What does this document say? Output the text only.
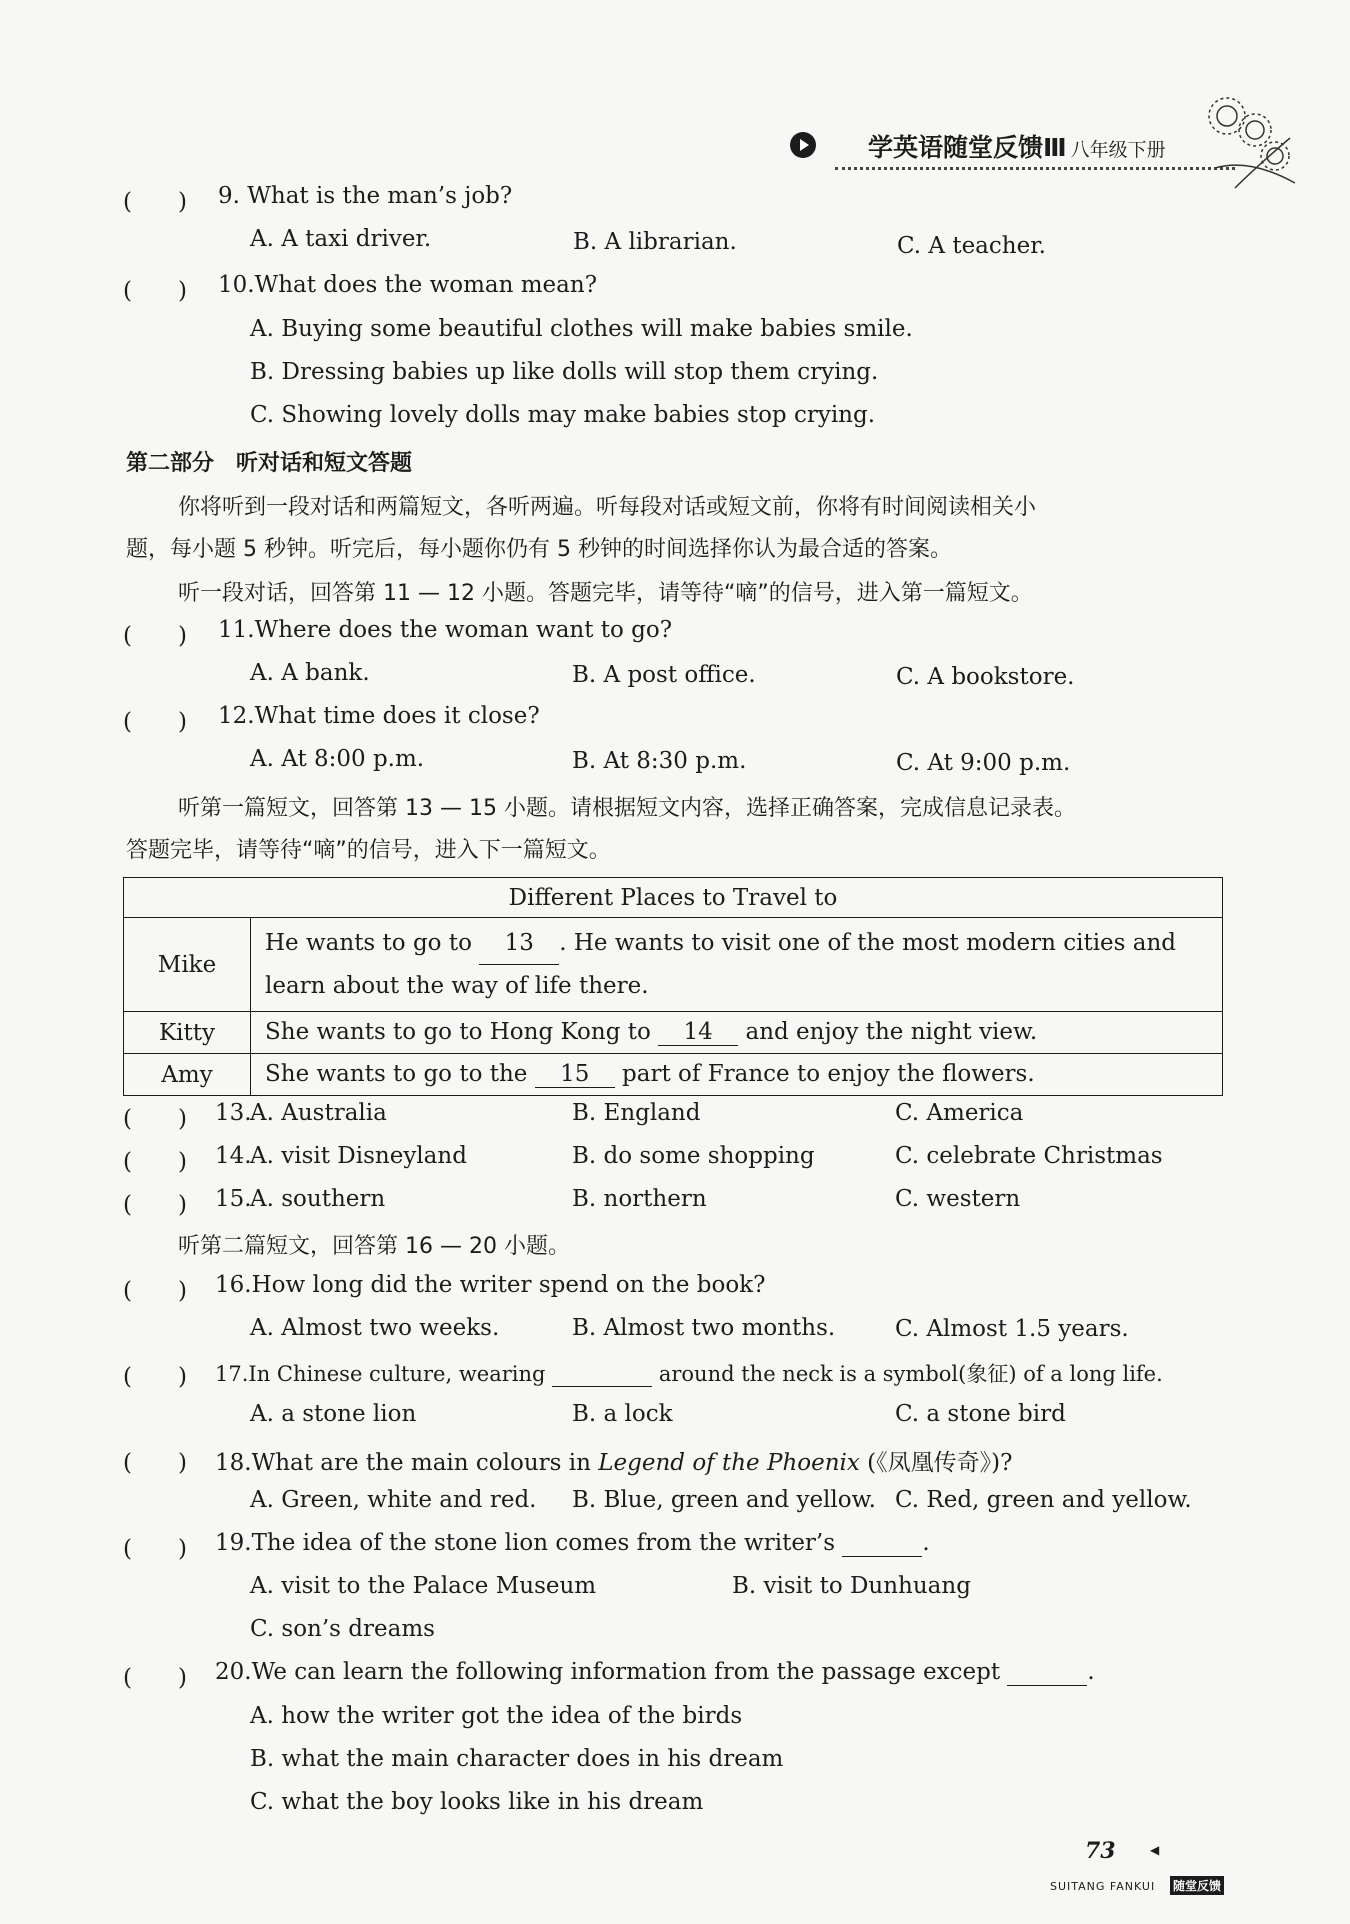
学英语随堂反馈Ⅲ 八年级下册
(　　) 9. What is the man’s job?
A. A taxi driver.	B. A librarian.	C. A teacher.
(　　) 10.What does the woman mean?
A. Buying some beautiful clothes will make babies smile.
B. Dressing babies up like dolls will stop them crying.
C. Showing lovely dolls may make babies stop crying.
第二部分　听对话和短文答题
你将听到一段对话和两篇短文，各听两遍。听每段对话或短文前，你将有时间阅读相关小
题，每小题 5 秒钟。听完后，每小题你仍有 5 秒钟的时间选择你认为最合适的答案。
听一段对话，回答第 11 — 12 小题。答题完毕，请等待“嘀”的信号，进入第一篇短文。
(　　) 11.Where does the woman want to go?
A. A bank.	B. A post office.	C. A bookstore.
(　　) 12.What time does it close?
A. At 8:00 p.m.	B. At 8:30 p.m.	C. At 9:00 p.m.
听第一篇短文，回答第 13 — 15 小题。请根据短文内容，选择正确答案，完成信息记录表。
答题完毕，请等待“嘀”的信号，进入下一篇短文。
Different Places to Travel to	
Mike	He wants to go to 13 . He wants to visit one of the most modern cities and
learn about the way of life there.
Kitty	She wants to go to Hong Kong to 14 and enjoy the night view.
Amy	She wants to go to the 15 part of France to enjoy the flowers.
(　　) 13.
A. Australia	B. England	C. America
(　　) 14.
A. visit Disneyland	B. do some shopping	C. celebrate Christmas
(　　) 15.
A. southern	B. northern	C. western
听第二篇短文，回答第 16 — 20 小题。
(　　) 16.How long did the writer spend on the book?
A. Almost two weeks.	B. Almost two months.	C. Almost 1.5 years.
(　　) 17.In Chinese culture, wearing	around the neck is a symbol(象征) of a long life.
A. a stone lion	B. a lock	C. a stone bird
(　　) 18.What are the main colours in Legend of the Phoenix (《凤凰传奇》)?
A. Green, white and red. B. Blue, green and yellow. C. Red, green and yellow.
(　　) 19.The idea of the stone lion comes from the writer’s	.
A. visit to the Palace Museum	B. visit to Dunhuang
C. son’s dreams
(　　) 20.We can learn the following information from the passage except	.
A. how the writer got the idea of the birds
B. what the main character does in his dream
C. what the boy looks like in his dream
73	◀
SUITANG FANKUI 随堂反馈
